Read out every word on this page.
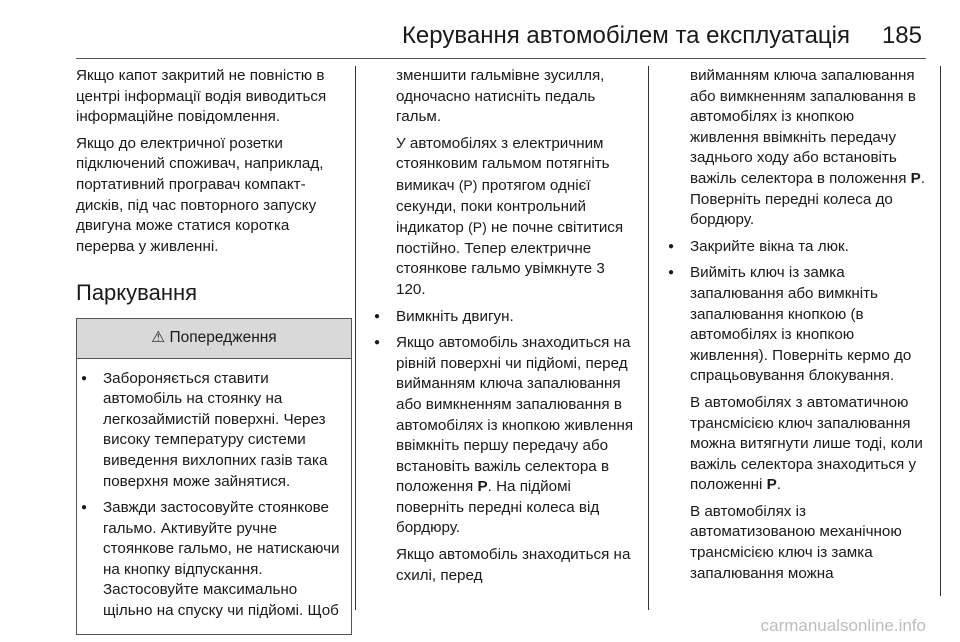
Керування автомобілем та експлуатація 185

Якщо капот закритий не повністю в центрі інформації водія виводиться інформаційне повідомлення.

Якщо до електричної розетки підключений споживач, наприклад, портативний програвач компакт-дисків, під час повторного запуску двигуна може статися коротка перерва у живленні.

Паркування
⚠ Попередження

● Забороняється ставити автомобіль на стоянку на легкозаймистій поверхні. Через високу температуру системи виведення вихлопних газів така поверхня може зайнятися.

● Завжди застосовуйте стоянкове гальмо. Активуйте ручне стоянкове гальмо, не натискаючи на кнопку відпускання. Застосовуйте максимально щільно на спуску чи підйомі. Щоб

зменшити гальмівне зусилля, одночасно натисніть педаль гальм.

У автомобілях з електричним стоянковим гальмом потягніть вимикач (P) протягом однієї секунди, поки контрольний індикатор (P) не почне світитися постійно. Тепер електричне стоянкове гальмо увімкнуте 3 120.

● Вимкніть двигун.

● Якщо автомобіль знаходиться на рівній поверхні чи підйомі, перед вийманням ключа запалювання або вимкненням запалювання в автомобілях із кнопкою живлення ввімкніть першу передачу або встановіть важіль селектора в положення P. На підйомі поверніть передні колеса від бордюру.

Якщо автомобіль знаходиться на схилі, перед

вийманням ключа запалювання або вимкненням запалювання в автомобілях із кнопкою живлення ввімкніть передачу заднього ходу або встановіть важіль селектора в положення P. Поверніть передні колеса до бордюру.

● Закрийте вікна та люк.

● Вийміть ключ із замка запалювання або вимкніть запалювання кнопкою (в автомобілях із кнопкою живлення). Поверніть кермо до спрацьовування блокування.

В автомобілях з автоматичною трансмісією ключ запалювання можна витягнути лише тоді, коли важіль селектора знаходиться у положенні P.

В автомобілях із автоматизованою механічною трансмісією ключ із замка запалювання можна

carmanualsonline.info
